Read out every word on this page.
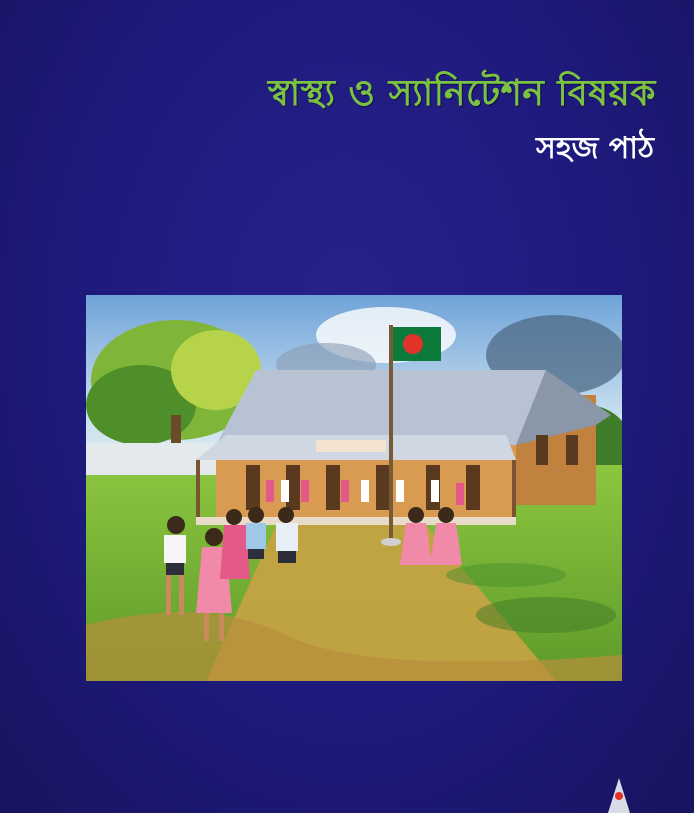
স্বাস্থ্য ও স্যানিটেশন বিষয়ক
সহজ পাঠ
